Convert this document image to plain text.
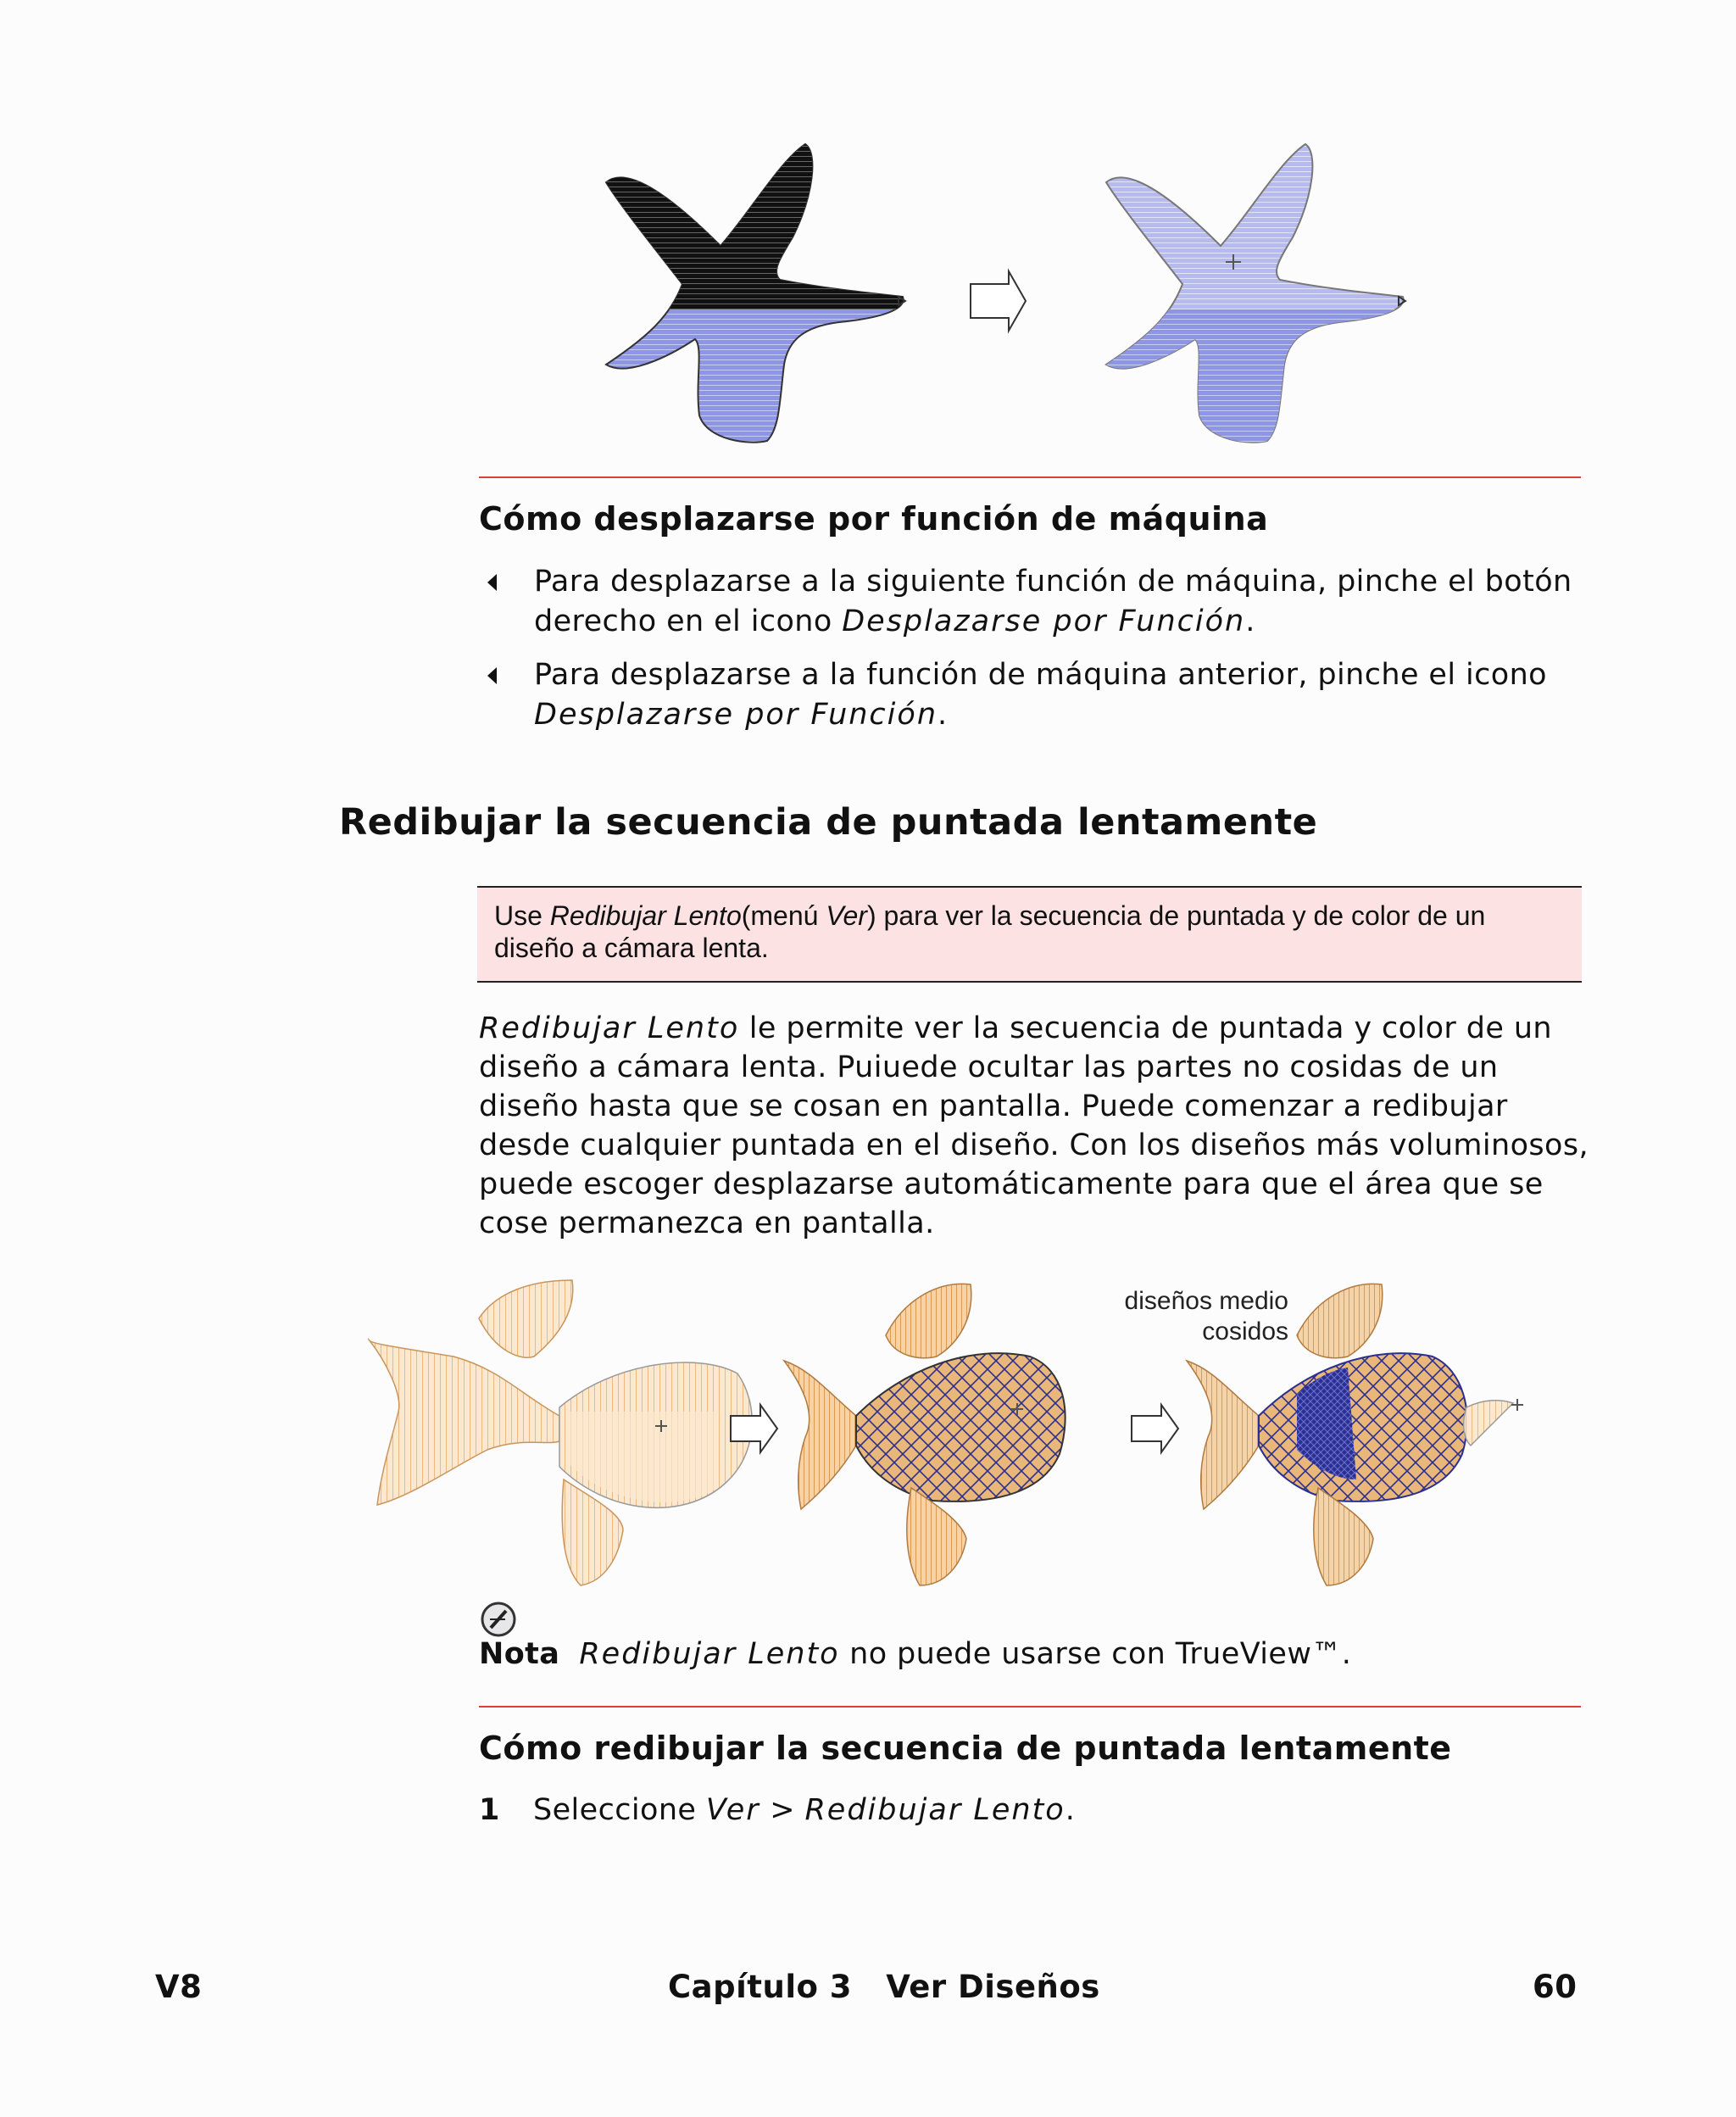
Cómo desplazarse por función de máquina
Para desplazarse a la siguiente función de máquina, pinche el botón derecho en el icono Desplazarse por Función.
Para desplazarse a la función de máquina anterior, pinche el icono Desplazarse por Función.
Redibujar la secuencia de puntada lentamente

Use Redibujar Lento(menú Ver) para ver la secuencia de puntada y de color de un diseño a cámara lenta.

Redibujar Lento le permite ver la secuencia de puntada y color de un diseño a cámara lenta. Puiuede ocultar las partes no cosidas de un diseño hasta que se cosan en pantalla. Puede comenzar a redibujar desde cualquier puntada en el diseño. Con los diseños más voluminosos, puede escoger desplazarse automáticamente para que el área que se cose permanezca en pantalla.
diseños medio
cosidos
Nota Redibujar Lento no puede usarse con TrueView™.
Cómo redibujar la secuencia de puntada lentamente
1 Seleccione Ver > Redibujar Lento.
V8	Capítulo 3   Ver Diseños	60
